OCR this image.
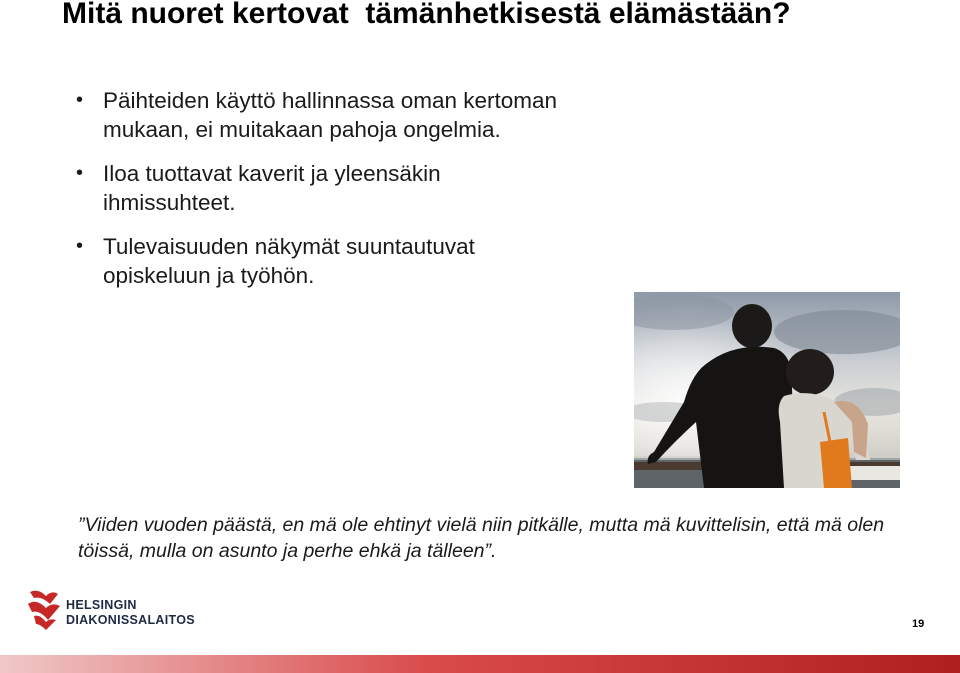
Mitä nuoret kertovat  tämänhetkisestä elämästään?
• Päihteiden käyttö hallinnassa oman kertoman mukaan, ei muitakaan pahoja ongelmia.
• Iloa tuottavat kaverit ja yleensäkin ihmissuhteet.
• Tulevaisuuden näkymät suuntautuvat opiskeluun ja työhön.
”Viiden vuoden päästä, en mä ole ehtinyt vielä niin pitkälle, mutta mä kuvittelisin, että mä olen töissä, mulla on asunto ja perhe ehkä ja tälleen”.
HELSINGIN
DIAKONISSALAITOS	19
